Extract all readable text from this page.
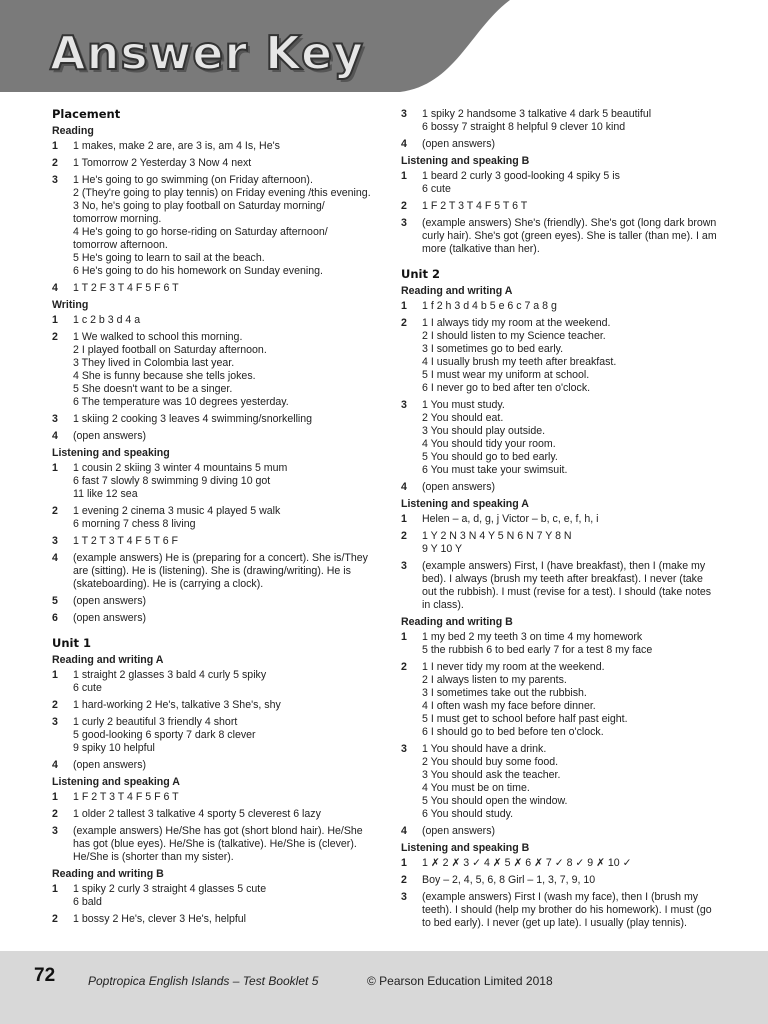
Answer Key
Placement
Reading
1	1 makes, make 2 are, are 3 is, am 4 Is, He's
2	1 Tomorrow 2 Yesterday 3 Now 4 next
3	1 He's going to go swimming (on Friday afternoon).
2 (They're going to play tennis) on Friday evening /this evening.
3 No, he's going to play football on Saturday morning/
tomorrow morning.
4 He's going to go horse-riding on Saturday afternoon/
tomorrow afternoon.
5 He's going to learn to sail at the beach.
6 He's going to do his homework on Sunday evening.
4	1 T 2 F 3 T 4 F 5 F 6 T
Writing
1	1 c 2 b 3 d 4 a
2	1 We walked to school this morning.
2 I played football on Saturday afternoon.
3 They lived in Colombia last year.
4 She is funny because she tells jokes.
5 She doesn't want to be a singer.
6 The temperature was 10 degrees yesterday.
3	1 skiing 2 cooking 3 leaves 4 swimming/snorkelling
4	(open answers)
Listening and speaking
1	1 cousin 2 skiing 3 winter 4 mountains 5 mum
6 fast 7 slowly 8 swimming 9 diving 10 got
11 like 12 sea
2	1 evening 2 cinema 3 music 4 played 5 walk
6 morning 7 chess 8 living
3	1 T 2 T 3 T 4 F 5 T 6 F
4	(example answers) He is (preparing for a concert). She is/They
are (sitting). He is (listening). She is (drawing/writing). He is
(skateboarding). He is (carrying a clock).
5	(open answers)
6	(open answers)
Unit 1
Reading and writing A
1	1 straight 2 glasses 3 bald 4 curly 5 spiky
6 cute
2	1 hard-working 2 He's, talkative 3 She's, shy
3	1 curly 2 beautiful 3 friendly 4 short
5 good-looking 6 sporty 7 dark 8 clever
9 spiky 10 helpful
4	(open answers)
Listening and speaking A
1	1 F 2 T 3 T 4 F 5 F 6 T
2	1 older 2 tallest 3 talkative 4 sporty 5 cleverest 6 lazy
3	(example answers) He/She has got (short blond hair). He/She
has got (blue eyes). He/She is (talkative). He/She is (clever).
He/She is (shorter than my sister).
Reading and writing B
1	1 spiky 2 curly 3 straight 4 glasses 5 cute
6 bald
2	1 bossy 2 He's, clever 3 He's, helpful
3	1 spiky 2 handsome 3 talkative 4 dark 5 beautiful
6 bossy 7 straight 8 helpful 9 clever 10 kind
4	(open answers)
Listening and speaking B
1	1 beard 2 curly 3 good-looking 4 spiky 5 is
6 cute
2	1 F 2 T 3 T 4 F 5 T 6 T
3	(example answers) She's (friendly). She's got (long dark brown
curly hair). She's got (green eyes). She is taller (than me). I am
more (talkative than her).
Unit 2
Reading and writing A
1	1 f 2 h 3 d 4 b 5 e 6 c 7 a 8 g
2	1 I always tidy my room at the weekend.
2 I should listen to my Science teacher.
3 I sometimes go to bed early.
4 I usually brush my teeth after breakfast.
5 I must wear my uniform at school.
6 I never go to bed after ten o'clock.
3	1 You must study.
2 You should eat.
3 You should play outside.
4 You should tidy your room.
5 You should go to bed early.
6 You must take your swimsuit.
4	(open answers)
Listening and speaking A
1	Helen – a, d, g, j Victor – b, c, e, f, h, i
2	1 Y 2 N 3 N 4 Y 5 N 6 N 7 Y 8 N
9 Y 10 Y
3	(example answers) First, I (have breakfast), then I (make my
bed). I always (brush my teeth after breakfast). I never (take
out the rubbish). I must (revise for a test). I should (take notes
in class).
Reading and writing B
1	1 my bed 2 my teeth 3 on time 4 my homework
5 the rubbish 6 to bed early 7 for a test 8 my face
2	1 I never tidy my room at the weekend.
2 I always listen to my parents.
3 I sometimes take out the rubbish.
4 I often wash my face before dinner.
5 I must get to school before half past eight.
6 I should go to bed before ten o'clock.
3	1 You should have a drink.
2 You should buy some food.
3 You should ask the teacher.
4 You must be on time.
5 You should open the window.
6 You should study.
4	(open answers)
Listening and speaking B
1	1 ✗ 2 ✗ 3 ✓ 4 ✗ 5 ✗ 6 ✗ 7 ✓ 8 ✓ 9 ✗ 10 ✓
2	Boy – 2, 4, 5, 6, 8 Girl – 1, 3, 7, 9, 10
3	(example answers) First I (wash my face), then I (brush my
teeth). I should (help my brother do his homework). I must (go
to bed early). I never (get up late). I usually (play tennis).
72	Poptropica English Islands – Test Booklet 5	© Pearson Education Limited 2018
